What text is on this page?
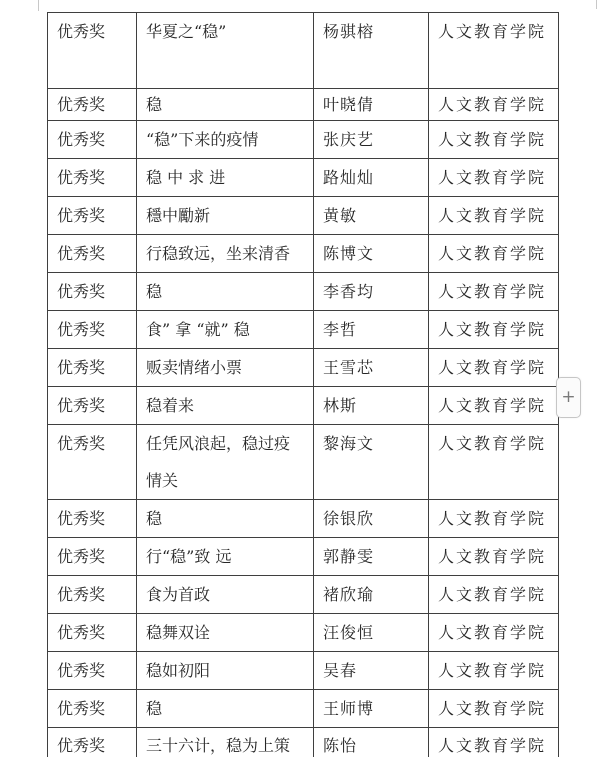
优秀奖	华夏之“稳”	杨骐榕	人文教育学院
优秀奖	稳	叶晓倩	人文教育学院
优秀奖	“稳”下来的疫情	张庆艺	人文教育学院
优秀奖	稳 中 求 进	路灿灿	人文教育学院
优秀奖	穩中勵新	黄敏	人文教育学院
优秀奖	行稳致远，坐来清香	陈博文	人文教育学院
优秀奖	稳	李香均	人文教育学院
优秀奖	食” 拿 “就” 稳	李哲	人文教育学院
优秀奖	贩卖情绪小票	王雪芯	人文教育学院
优秀奖	稳着来	林斯	人文教育学院
优秀奖	任凭风浪起，稳过疫情关	黎海文	人文教育学院
优秀奖	稳	徐银欣	人文教育学院
优秀奖	行“稳”致 远	郭静雯	人文教育学院
优秀奖	食为首政	褚欣瑜	人文教育学院
优秀奖	稳舞双诠	汪俊恒	人文教育学院
优秀奖	稳如初阳	吴春	人文教育学院
优秀奖	稳	王师博	人文教育学院
优秀奖	三十六计，稳为上策	陈怡	人文教育学院

+
